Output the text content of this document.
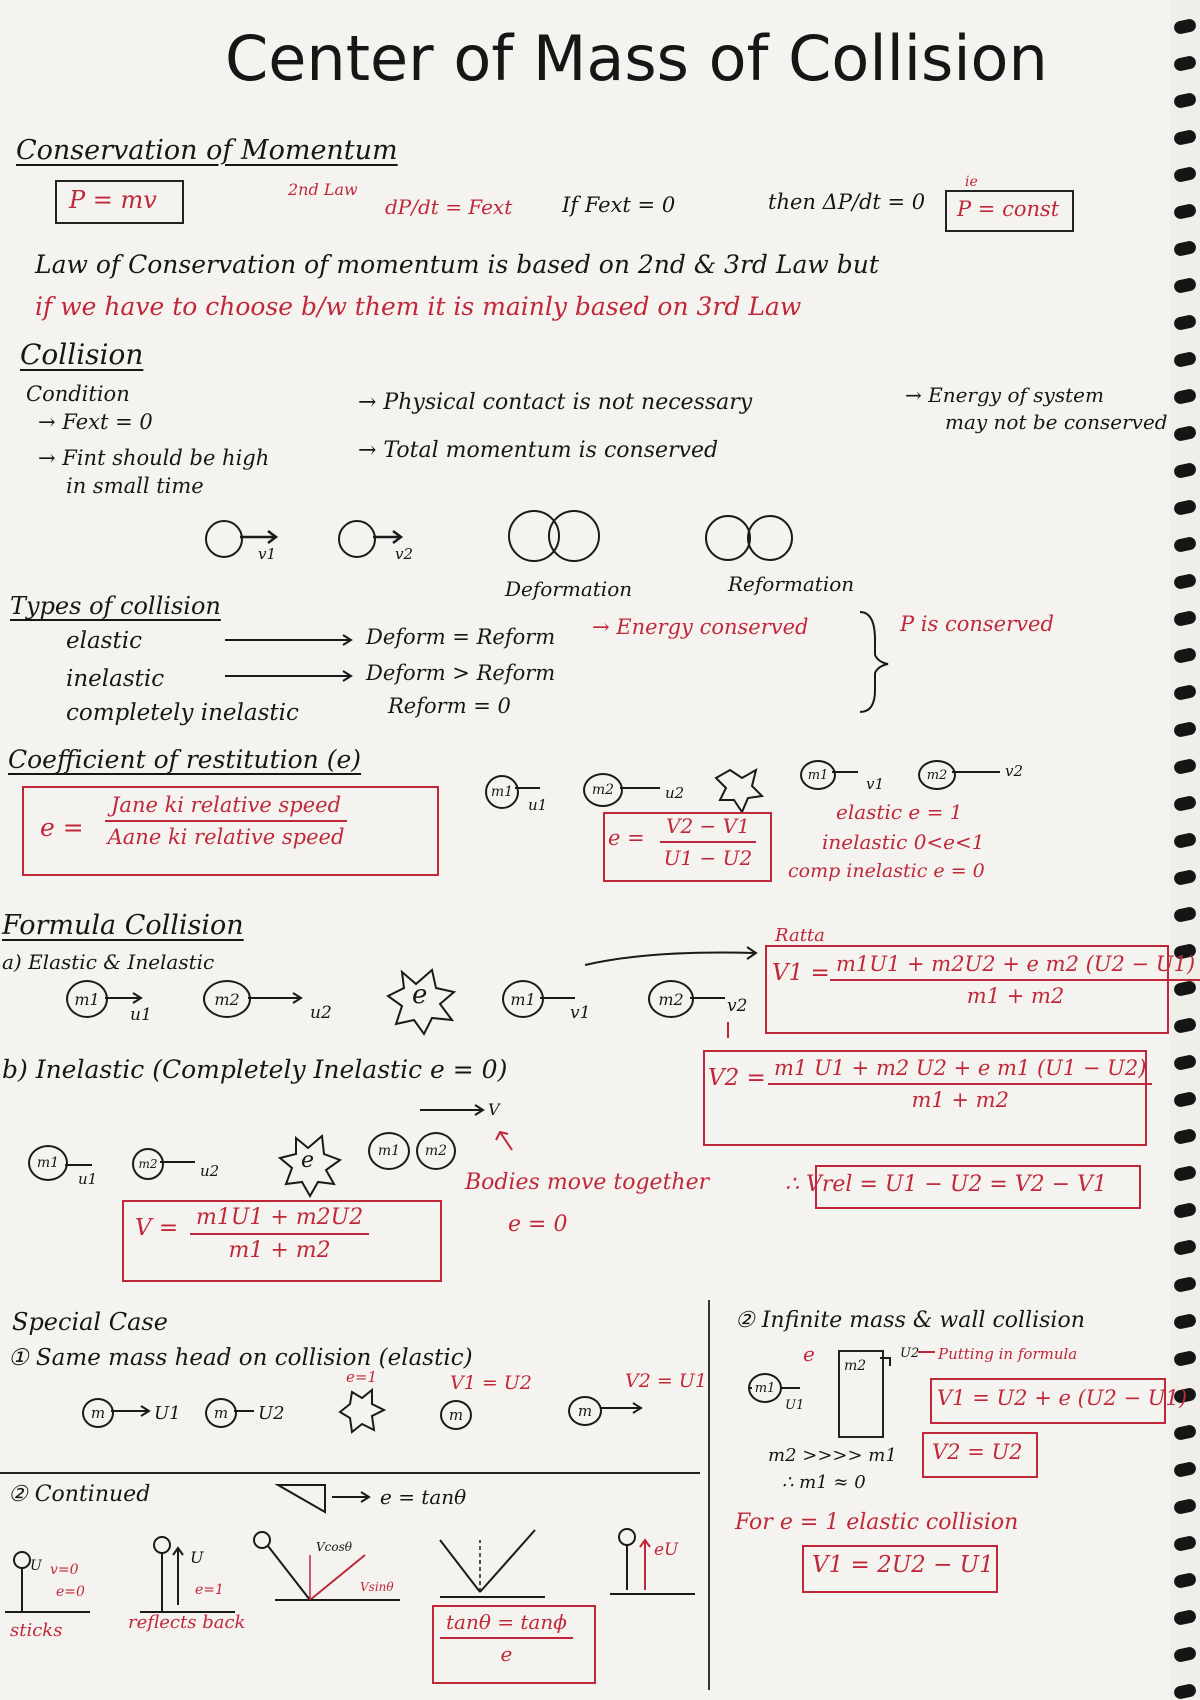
Center of Mass of Collision
Conservation of Momentum
P = mv	2nd Law
dP/dt = Fext If Fext = 0	then ΔP/dt = 0
ie
P = const
Law of Conservation of momentum is based on 2nd & 3rd Law but
if we have to choose b/w them it is mainly based on 3rd Law
Collision
Condition
→ Fext = 0
→ Fint should be high
in small time
→ Physical contact is not necessary
→ Total momentum is conserved
→ Energy of system
may not be conserved
v1	v2
Deformation	Reformation
Types of collision
elastic
inelastic
completely inelastic
Deform = Reform
Deform > Reform
Reform = 0
→ Energy conserved	P is conserved
Coefficient of restitution (e)
e =
Jane ki relative speed
Aane ki relative speed
m1
u1
m2	u2
m1	v1	m2	v2
$e = \frac{V2 - V1}{U1 - U2}$
elastic e = 1
inelastic 0<e<1
comp inelastic e = 0
Formula Collision
a) Elastic & Inelastic
m1
u1
m2
u2
e	m1
v1
m2	v2
Ratta
$V1 = \frac{\text{m1U1 + m2U2 + e m2 (U2 − U1)}}{m1 + m2}$
$V2 = \frac{\text{m1 U1 + m2 U2 + e m1 (U1 − U2)}}{m1 + m2}$
b) Inelastic (Completely Inelastic e = 0)
V
m1
u1
m2	u2	e	m1 m2
Bodies move together
e = 0
$V = \frac{m1U1 + m2U2}{m1 + m2}$
∴ Vrel = U1 − U2 = V2 − V1
Special Case
① Same mass head on collision (elastic)
e=1	V1 = U2	V2 = U1
m	U1 m U2	m	m
② Infinite mass & wall collision
e
m1
U1
m2
U2 Putting in formula
V1 = U2 + e (U2 − U1)
V2 = U2
m2 >>>> m1
∴ m1 ≈ 0
For e = 1 elastic collision
V1 = 2U2 − U1
② Continued	e = tanθ
U v=0
e=0
sticks
U
e=1
reflects back
Vcosθ
Vsinθ
eU
$\frac{\tan\theta = \tan\phi}{e}$
